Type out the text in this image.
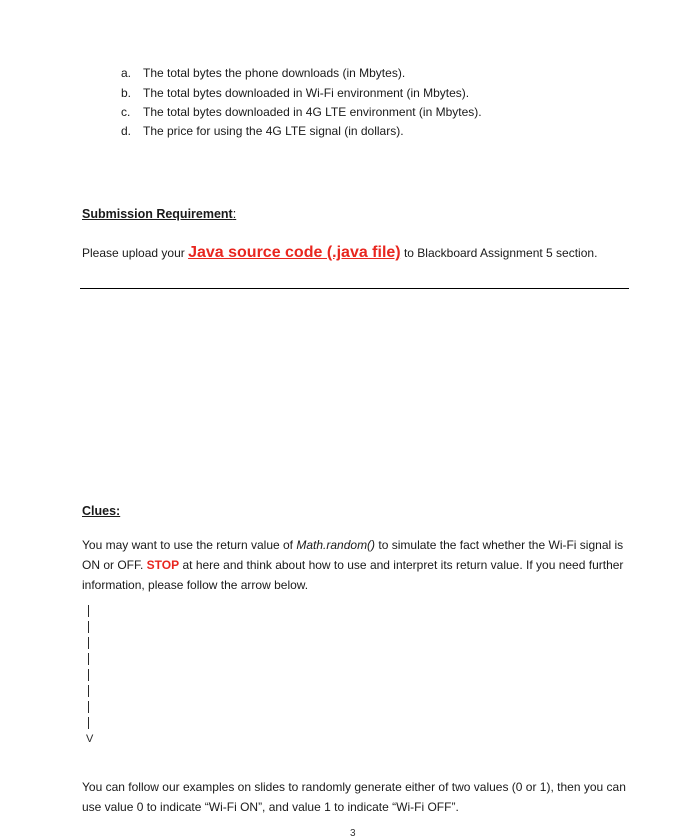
a. The total bytes the phone downloads (in Mbytes).
b. The total bytes downloaded in Wi-Fi environment (in Mbytes).
c. The total bytes downloaded in 4G LTE environment (in Mbytes).
d. The price for using the 4G LTE signal (in dollars).
Submission Requirement:
Please upload your Java source code (.java file) to Blackboard Assignment 5 section.
Clues:
You may want to use the return value of Math.random() to simulate the fact whether the Wi-Fi signal is ON or OFF. STOP at here and think about how to use and interpret its return value. If you need further information, please follow the arrow below.
V
You can follow our examples on slides to randomly generate either of two values (0 or 1), then you can use value 0 to indicate “Wi-Fi ON”, and value 1 to indicate “Wi-Fi OFF”.
3
